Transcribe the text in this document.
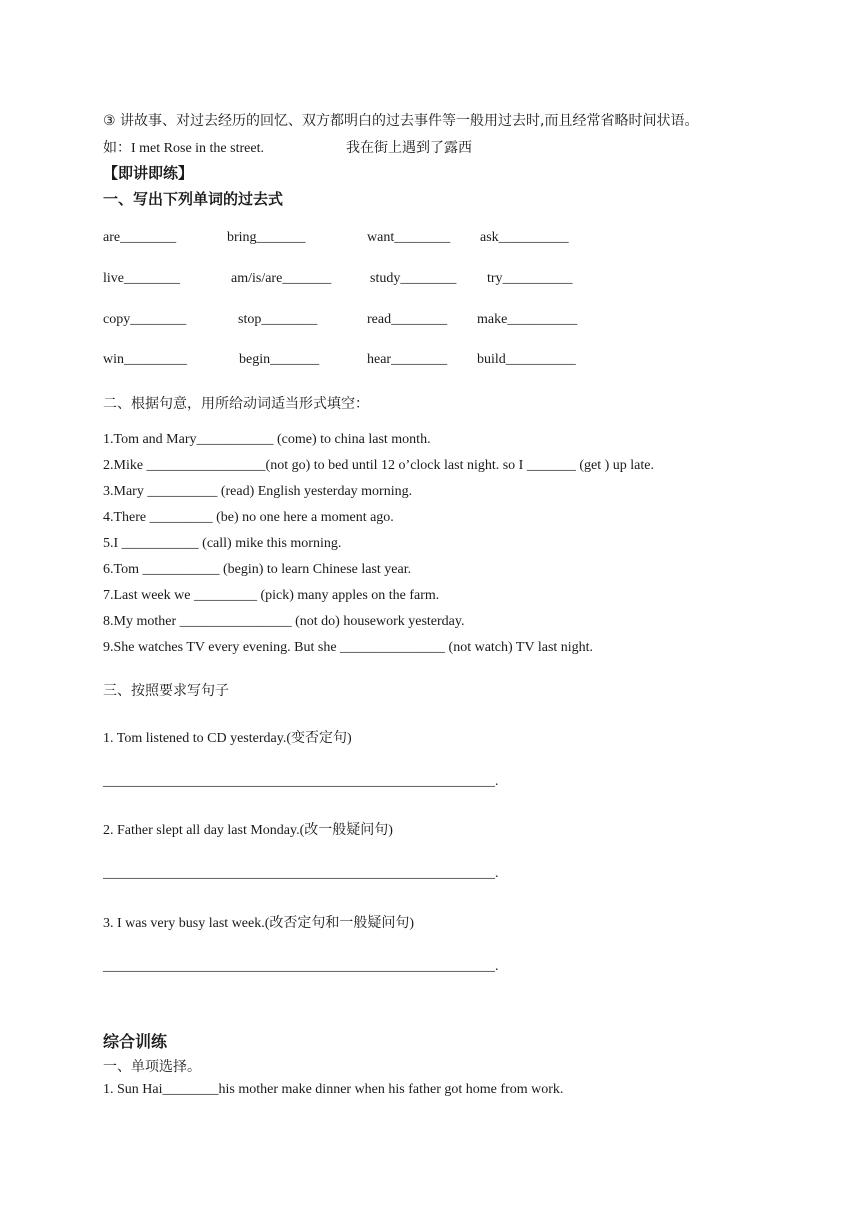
③ 讲故事、对过去经历的回忆、双方都明白的过去事件等一般用过去时,而且经常省略时间状语。
如：I met Rose in the street.	我在街上遇到了露西
【即讲即练】
一、写出下列单词的过去式
are________	bring_______	want________ ask__________
live________	am/is/are_______	study________ try__________
copy________	stop________	read________ make__________
win_________	begin_______	hear________ build__________
二、根据句意，用所给动词适当形式填空：
1.Tom and Mary___________ (come) to china last month.
2.Mike _________________(not go) to bed until 12 o’clock last night. so I _______ (get ) up late.
3.Mary __________ (read) English yesterday morning.
4.There _________ (be) no one here a moment ago.
5.I ___________ (call) mike this morning.
6.Tom ___________ (begin) to learn Chinese last year.
7.Last week we _________ (pick) many apples on the farm.
8.My mother ________________ (not do) housework yesterday.
9.She watches TV every evening. But she _______________ (not watch) TV last night.
三、按照要求写句子
1. Tom listened to CD yesterday.(变否定句)
________________________________________________________.
2. Father slept all day last Monday.(改一般疑问句)
________________________________________________________.
3. I was very busy last week.(改否定句和一般疑问句)
________________________________________________________.
综合训练
一、单项选择。
1. Sun Hai________his mother make dinner when his father got home from work.
